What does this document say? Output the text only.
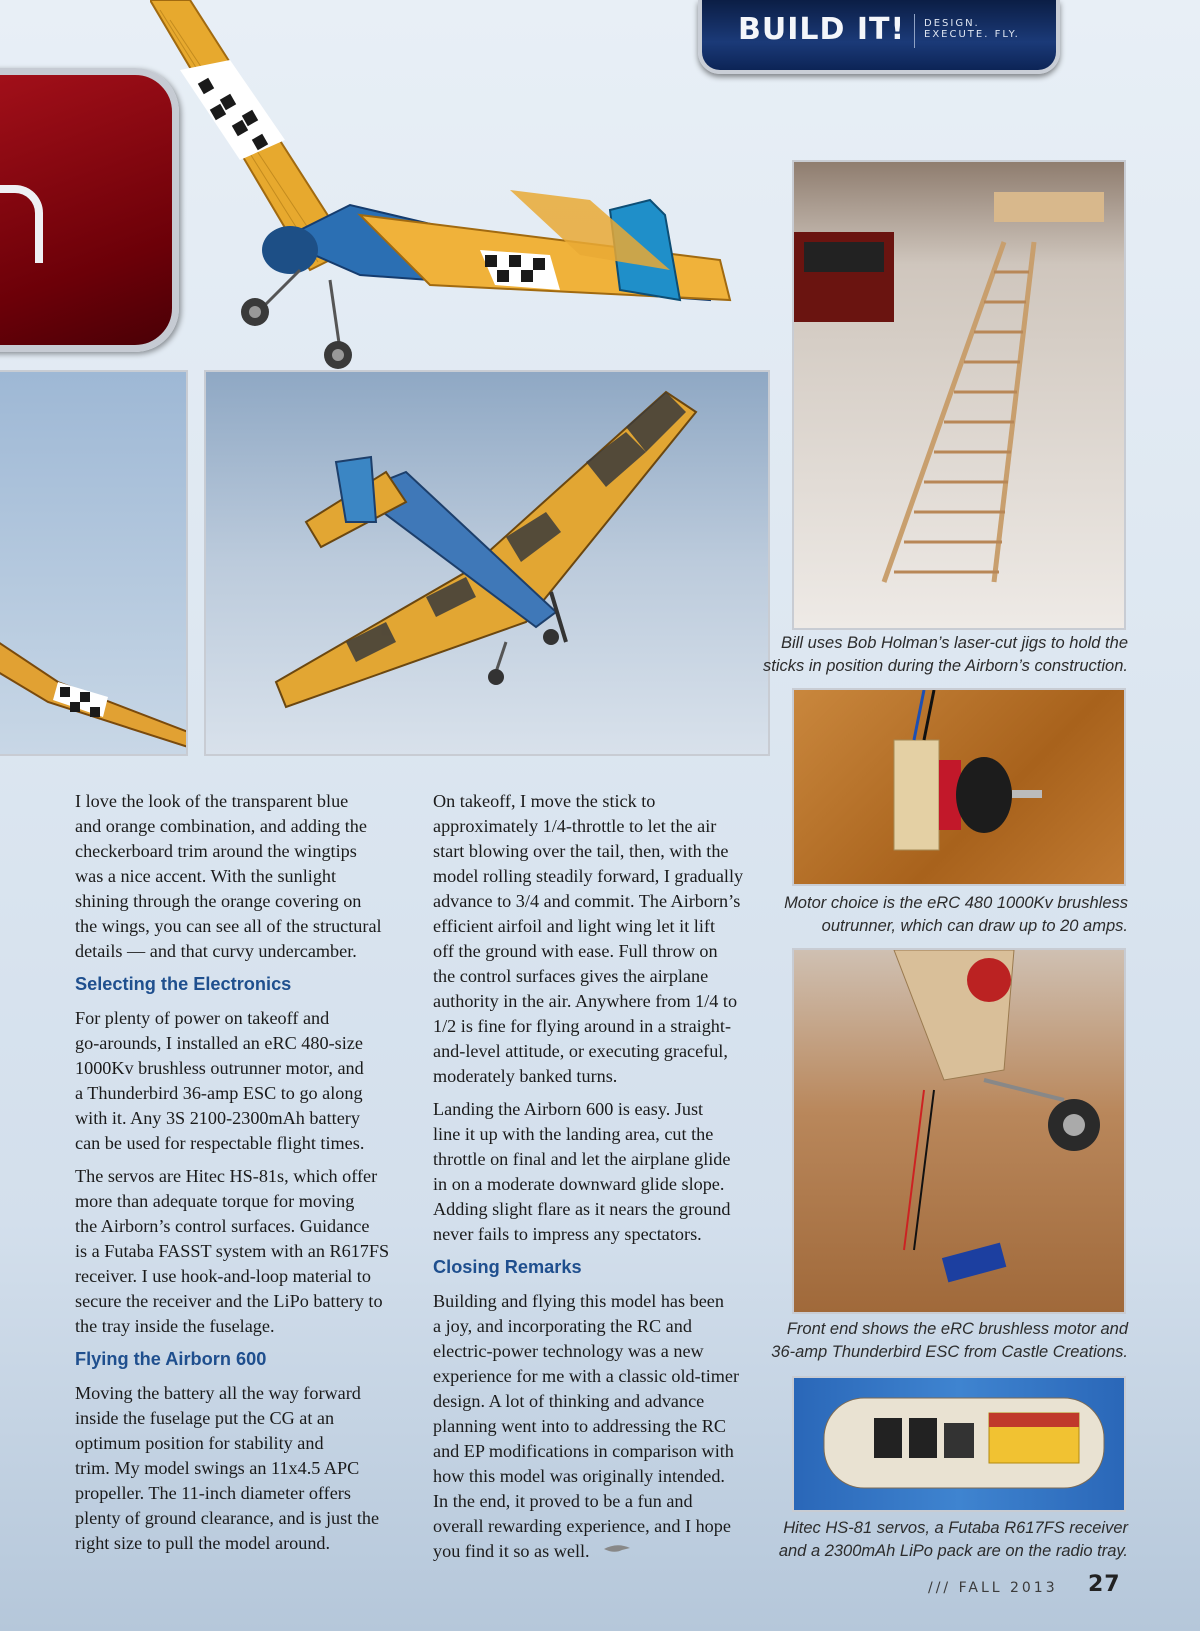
BUILD IT! DESIGN.
EXECUTE. FLY.
Bill uses Bob Holman’s laser-cut jigs to hold the
sticks in position during the Airborn’s construction.
Motor choice is the eRC 480 1000Kv brushless
outrunner, which can draw up to 20 amps.
Front end shows the eRC brushless motor and
36-amp Thunderbird ESC from Castle Creations.
Hitec HS-81 servos, a Futaba R617FS receiver
and a 2300mAh LiPo pack are on the radio tray.

I love the look of the transparent blue
and orange combination, and adding the
checkerboard trim around the wingtips
was a nice accent. With the sunlight
shining through the orange covering on
the wings, you can see all of the structural
details — and that curvy undercamber.

Selecting the Electronics

For plenty of power on takeoff and
go-arounds, I installed an eRC 480-size
1000Kv brushless outrunner motor, and
a Thunderbird 36-amp ESC to go along
with it. Any 3S 2100-2300mAh battery
can be used for respectable flight times.

The servos are Hitec HS-81s, which offer
more than adequate torque for moving
the Airborn’s control surfaces. Guidance
is a Futaba FASST system with an R617FS
receiver. I use hook-and-loop material to
secure the receiver and the LiPo battery to
the tray inside the fuselage.

Flying the Airborn 600

Moving the battery all the way forward
inside the fuselage put the CG at an
optimum position for stability and
trim. My model swings an 11x4.5 APC
propeller. The 11-inch diameter offers
plenty of ground clearance, and is just the
right size to pull the model around.

On takeoff, I move the stick to
approximately 1/4-throttle to let the air
start blowing over the tail, then, with the
model rolling steadily forward, I gradually
advance to 3/4 and commit. The Airborn’s
efficient airfoil and light wing let it lift
off the ground with ease. Full throw on
the control surfaces gives the airplane
authority in the air. Anywhere from 1/4 to
1/2 is fine for flying around in a straight-
and-level attitude, or executing graceful,
moderately banked turns.

Landing the Airborn 600 is easy. Just
line it up with the landing area, cut the
throttle on final and let the airplane glide
in on a moderate downward glide slope.
Adding slight flare as it nears the ground
never fails to impress any spectators.

Closing Remarks

Building and flying this model has been
a joy, and incorporating the RC and
electric-power technology was a new
experience for me with a classic old-timer
design. A lot of thinking and advance
planning went into to addressing the RC
and EP modifications in comparison with
how this model was originally intended.
In the end, it proved to be a fun and
overall rewarding experience, and I hope
you find it so as well.

/// FALL 2013 27
